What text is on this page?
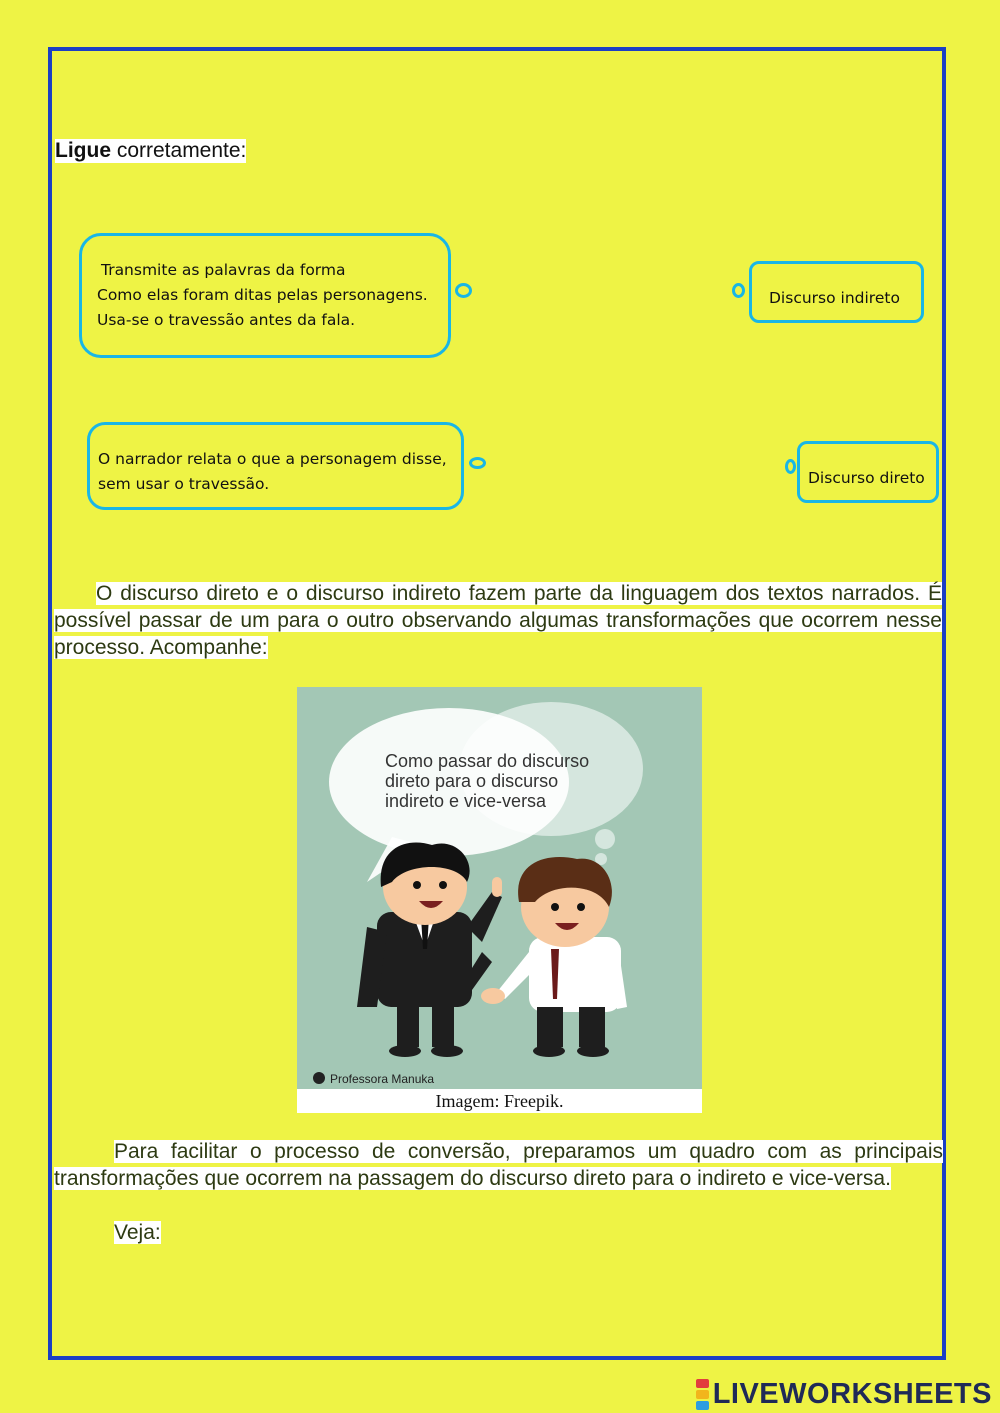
Ligue corretamente:
Transmite as palavras da forma
Como elas foram ditas pelas personagens.
Usa-se o travessão antes da fala.
Discurso indireto
O narrador relata o que a personagem disse,
sem usar o travessão.	Discurso direto

O discurso direto e o discurso indireto fazem parte da linguagem dos textos narrados. É possível passar de um para o outro observando algumas transformações que ocorrem nesse processo. Acompanhe:

Como passar do discurso
direto para o discurso
indireto e vice-versa
Professora Manuka
Imagem: Freepik.

Para facilitar o processo de conversão, preparamos um quadro com as principais transformações que ocorrem na passagem do discurso direto para o indireto e vice-versa.

Veja:

LIVEWORKSHEETS
